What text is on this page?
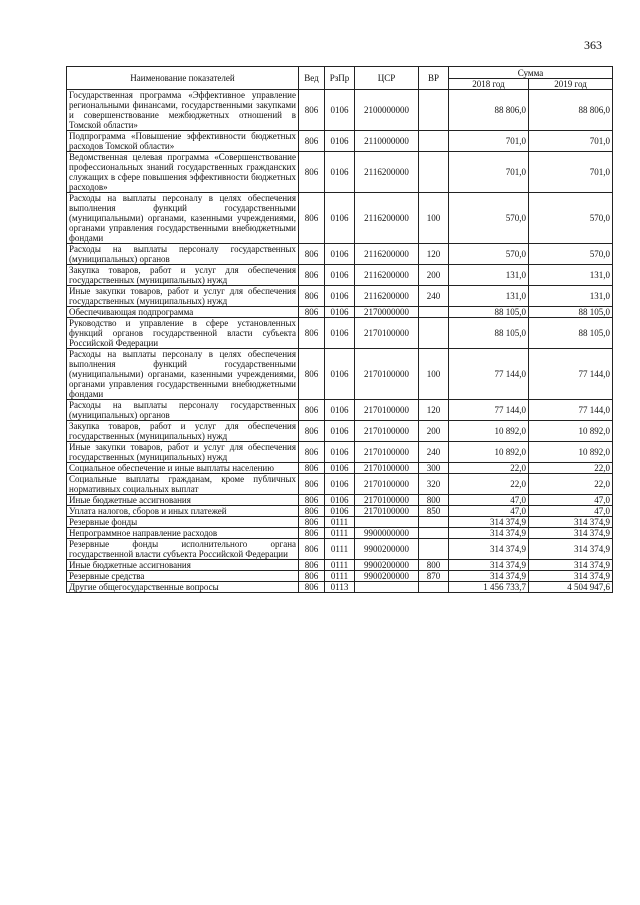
363
Наименование показателей	Вед	РзПр	ЦСР	ВР	Сумма	
					2018 год	2019 год
Государственная программа «Эффективное управление региональными финансами, государственными закупками и совершенствование межбюджетных отношений в Томской области»	806	0106	2100000000		88 806,0	88 806,0
Подпрограмма «Повышение эффективности бюджетных расходов Томской области»	806	0106	2110000000		701,0	701,0
Ведомственная целевая программа «Совершенствование профессиональных знаний государственных гражданских служащих в сфере повышения эффективности бюджетных расходов»	806	0106	2116200000		701,0	701,0
Расходы на выплаты персоналу в целях обеспечения выполнения функций государственными (муниципальными) органами, казенными учреждениями, органами управления государственными внебюджетными фондами	806	0106	2116200000	100	570,0	570,0
Расходы на выплаты персоналу государственных (муниципальных) органов	806	0106	2116200000	120	570,0	570,0
Закупка товаров, работ и услуг для обеспечения государственных (муниципальных) нужд	806	0106	2116200000	200	131,0	131,0
Иные закупки товаров, работ и услуг для обеспечения государственных (муниципальных) нужд	806	0106	2116200000	240	131,0	131,0
Обеспечивающая подпрограмма	806	0106	2170000000		88 105,0	88 105,0
Руководство и управление в сфере установленных функций органов государственной власти субъекта Российской Федерации	806	0106	2170100000		88 105,0	88 105,0
Расходы на выплаты персоналу в целях обеспечения выполнения функций государственными (муниципальными) органами, казенными учреждениями, органами управления государственными внебюджетными фондами	806	0106	2170100000	100	77 144,0	77 144,0
Расходы на выплаты персоналу государственных (муниципальных) органов	806	0106	2170100000	120	77 144,0	77 144,0
Закупка товаров, работ и услуг для обеспечения государственных (муниципальных) нужд	806	0106	2170100000	200	10 892,0	10 892,0
Иные закупки товаров, работ и услуг для обеспечения государственных (муниципальных) нужд	806	0106	2170100000	240	10 892,0	10 892,0
Социальное обеспечение и иные выплаты населению	806	0106	2170100000	300	22,0	22,0
Социальные выплаты гражданам, кроме публичных нормативных социальных выплат	806	0106	2170100000	320	22,0	22,0
Иные бюджетные ассигнования	806	0106	2170100000	800	47,0	47,0
Уплата налогов, сборов и иных платежей	806	0106	2170100000	850	47,0	47,0
Резервные фонды	806	0111			314 374,9	314 374,9
Непрограммное направление расходов	806	0111	9900000000		314 374,9	314 374,9
Резервные фонды исполнительного органа государственной власти субъекта Российской Федерации	806	0111	9900200000		314 374,9	314 374,9
Иные бюджетные ассигнования	806	0111	9900200000	800	314 374,9	314 374,9
Резервные средства	806	0111	9900200000	870	314 374,9	314 374,9
Другие общегосударственные вопросы	806	0113			1 456 733,7	4 504 947,6
